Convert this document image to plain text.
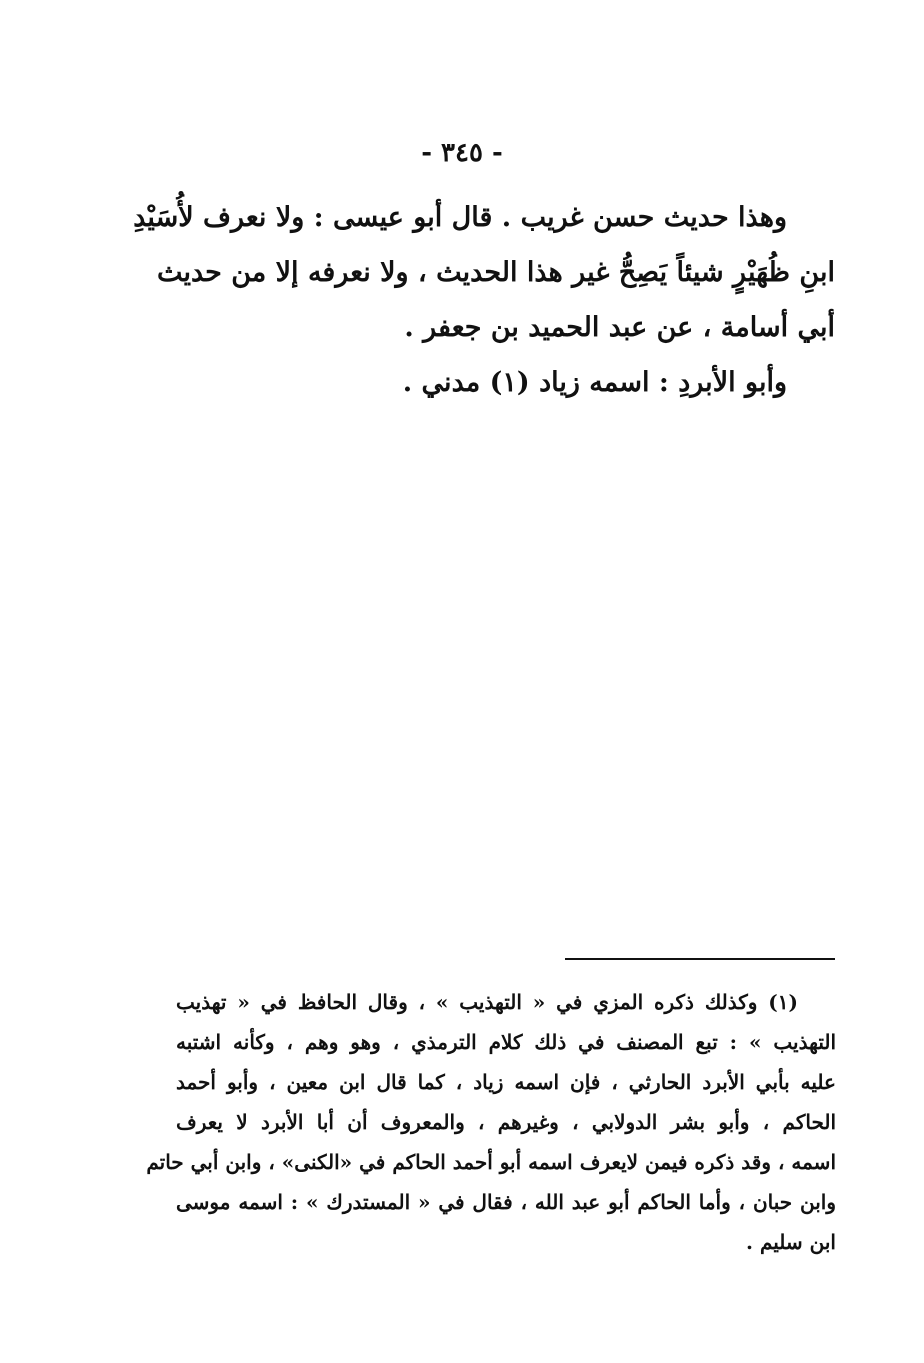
- ٣٤٥ -
وهذا حديث حسن غريب . قال أبو عيسى : ولا نعرف لأُسَيْدِ
ابنِ ظُهَيْرٍ شيئاً يَصِحُّ غير هذا الحديث ، ولا نعرفه إلا من حديث
أبي أسامة ، عن عبد الحميد بن جعفر .
وأبو الأبردِ : اسمه زياد (١) مدني .
(١) وكذلك ذكره المزي في « التهذيب » ، وقال الحافظ في « تهذيب
التهذيب » : تبع المصنف في ذلك كلام الترمذي ، وهو وهم ، وكأنه اشتبه
عليه بأبي الأبرد الحارثي ، فإن اسمه زياد ، كما قال ابن معين ، وأبو أحمد
الحاكم ، وأبو بشر الدولابي ، وغيرهم ، والمعروف أن أبا الأبرد لا يعرف
اسمه ، وقد ذكره فيمن لايعرف اسمه أبو أحمد الحاكم في «الكنى» ، وابن أبي حاتم
وابن حبان ، وأما الحاكم أبو عبد الله ، فقال في « المستدرك » : اسمه موسى
ابن سليم .
